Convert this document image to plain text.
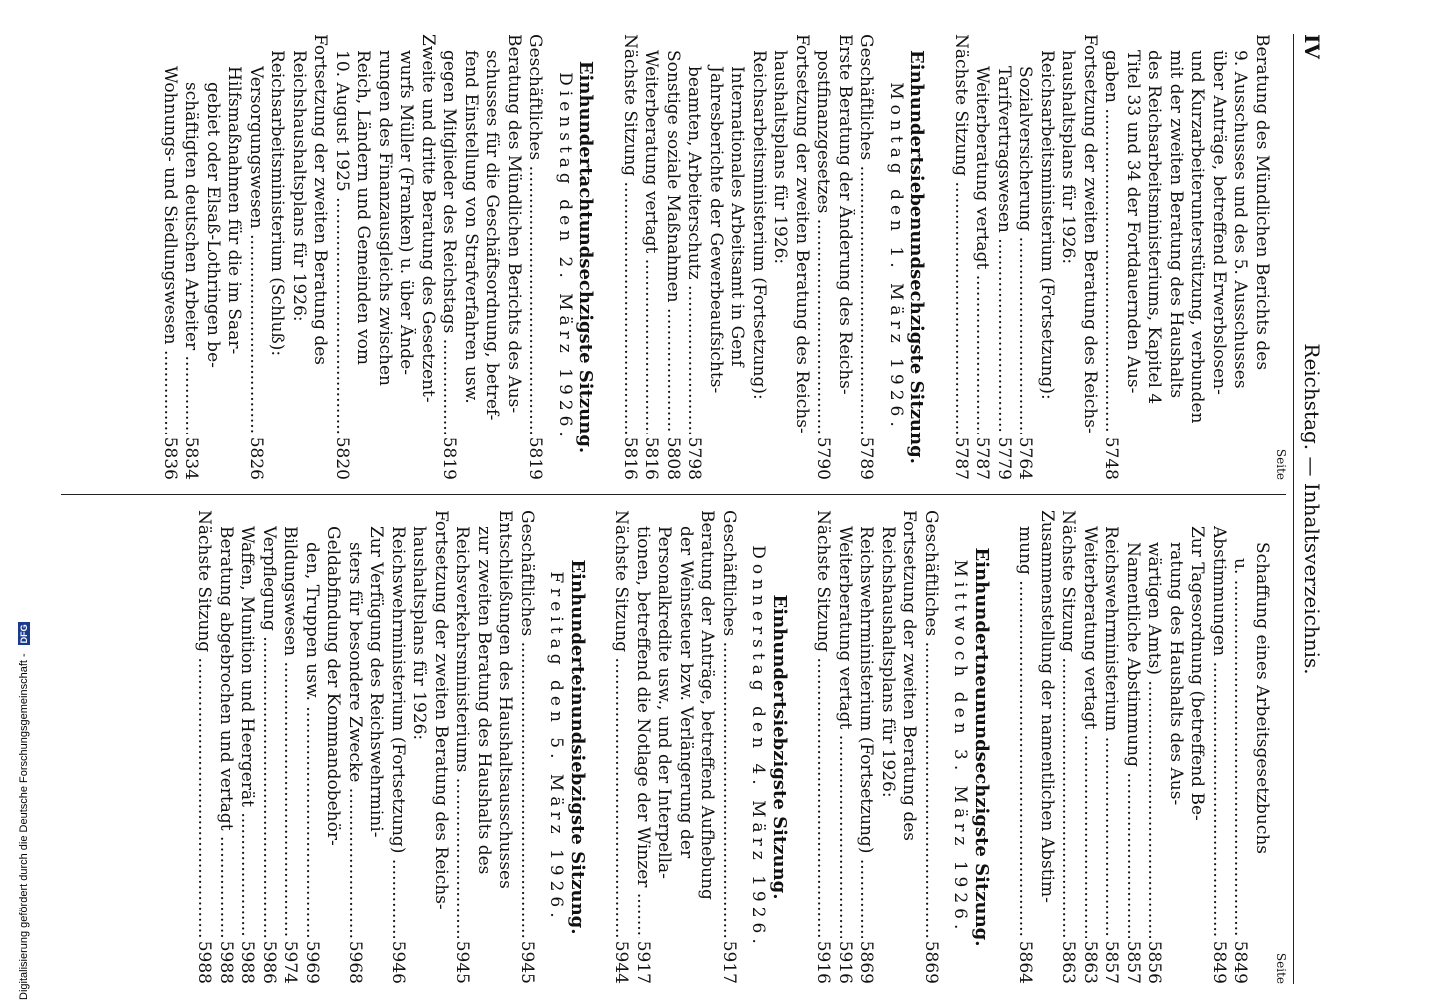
IV
Reichstag. — Inhaltsverzeichnis.
Seite
Beratung des Mündlichen Berichts des
9. Ausschusses und des 5. Ausschusses
über Anträge, betreffend Erwerbslosen-
und Kurzarbeiterunterstützung, verbunden
mit der zweiten Beratung des Haushalts
des Reichsarbeitsministeriums, Kapitel 4
Titel 33 und 34 der Fortdauernden Aus-
gaben .....
5748
Fortsetzung der zweiten Beratung des Reichs-
haushaltsplans für 1926:
Reichsarbeitsministerium (Fortsetzung):
Sozialversicherung .....
5764
Tarifvertragswesen .....
5779
Weiterberatung vertagt .....
5787
Nächste Sitzung .....
5787
Einhundertsiebenundsechzigste Sitzung.
Montag den 1. März 1926.
Geschäftliches .....
5789
Erste Beratung der Änderung des Reichs-
postfinanzgesetzes .....
5790
Fortsetzung der zweiten Beratung des Reichs-
haushaltsplans für 1926:
Reichsarbeitsministerium (Fortsetzung):
Internationales Arbeitsamt in Genf
Jahresberichte der Gewerbeaufsichts-
beamten, Arbeiterschutz .....
5798
Sonstige soziale Maßnahmen .....
5808
Weiterberatung vertagt .....
5816
Nächste Sitzung .....
5816
Einhundertachtundsechzigste Sitzung.
Dienstag den 2. März 1926.
Geschäftliches .....
5819
Beratung des Mündlichen Berichts des Aus-
schusses für die Geschäftsordnung, betref-
fend Einstellung von Strafverfahren usw.
gegen Mitglieder des Reichstags .....
5819
Zweite und dritte Beratung des Gesetzent-
wurfs Müller (Franken) u. über Ände-
rungen des Finanzausgleichs zwischen
Reich, Ländern und Gemeinden vom
10. August 1925 .....
5820
Fortsetzung der zweiten Beratung des
Reichshaushaltsplans für 1926:
Reichsarbeitsministerium (Schluß):
Versorgungswesen .....
5826
Hilfsmaßnahmen für die im Saar-
gebiet oder Elsaß-Lothringen be-
schäftigten deutschen Arbeiter .....
5834
Wohnungs- und Siedlungswesen .....
5836
Seite
Schaffung eines Arbeitsgesetzbuchs
u. .....
5849
Abstimmungen .....
5849
Zur Tagesordnung (betreffend Be-
ratung des Haushalts des Aus-
wärtigen Amts) .....
5856
Namentliche Abstimmung .....
5857
Reichswehrministerium .....
5857
Weiterberatung vertagt .....
5863
Nächste Sitzung .....
5863
Zusammenstellung der namentlichen Abstim-
mung .....
5864
Einhundertneunundsechzigste Sitzung.
Mittwoch den 3. März 1926.
Geschäftliches .....
5869
Fortsetzung der zweiten Beratung des
Reichshaushaltsplans für 1926:
Reichswehrministerium (Fortsetzung) .....
5869
Weiterberatung vertagt .....
5916
Nächste Sitzung .....
5916
Einhundertsiebzigste Sitzung.
Donnerstag den 4. März 1926.
Geschäftliches .....
5917
Beratung der Anträge, betreffend Aufhebung
der Weinsteuer bzw. Verlängerung der
Personalkredite usw., und der Interpella-
tionen, betreffend die Notlage der Winzer .....
5917
Nächste Sitzung .....
5944
Einhunderteinundsiebzigste Sitzung.
Freitag den 5. März 1926.
Geschäftliches .....
5945
Entschließungen des Haushaltsausschusses
zur zweiten Beratung des Haushalts des
Reichsverkehrsministeriums .....
5945
Fortsetzung der zweiten Beratung des Reichs-
haushaltsplans für 1926:
Reichswehrministerium (Fortsetzung) .....
5946
Zur Verfügung des Reichswehrmini-
sters für besondere Zwecke .....
5968
Geldabfindung der Kommandobehör-
den, Truppen usw. .....
5969
Bildungswesen .....
5974
Verpflegung .....
5986
Waffen, Munition und Heergerät .....
5988
Beratung abgebrochen und vertagt .....
5988
Nächste Sitzung .....
5988
Digitalisierung gefördert durch die Deutsche Forschungsgemeinschaft -
DFG
